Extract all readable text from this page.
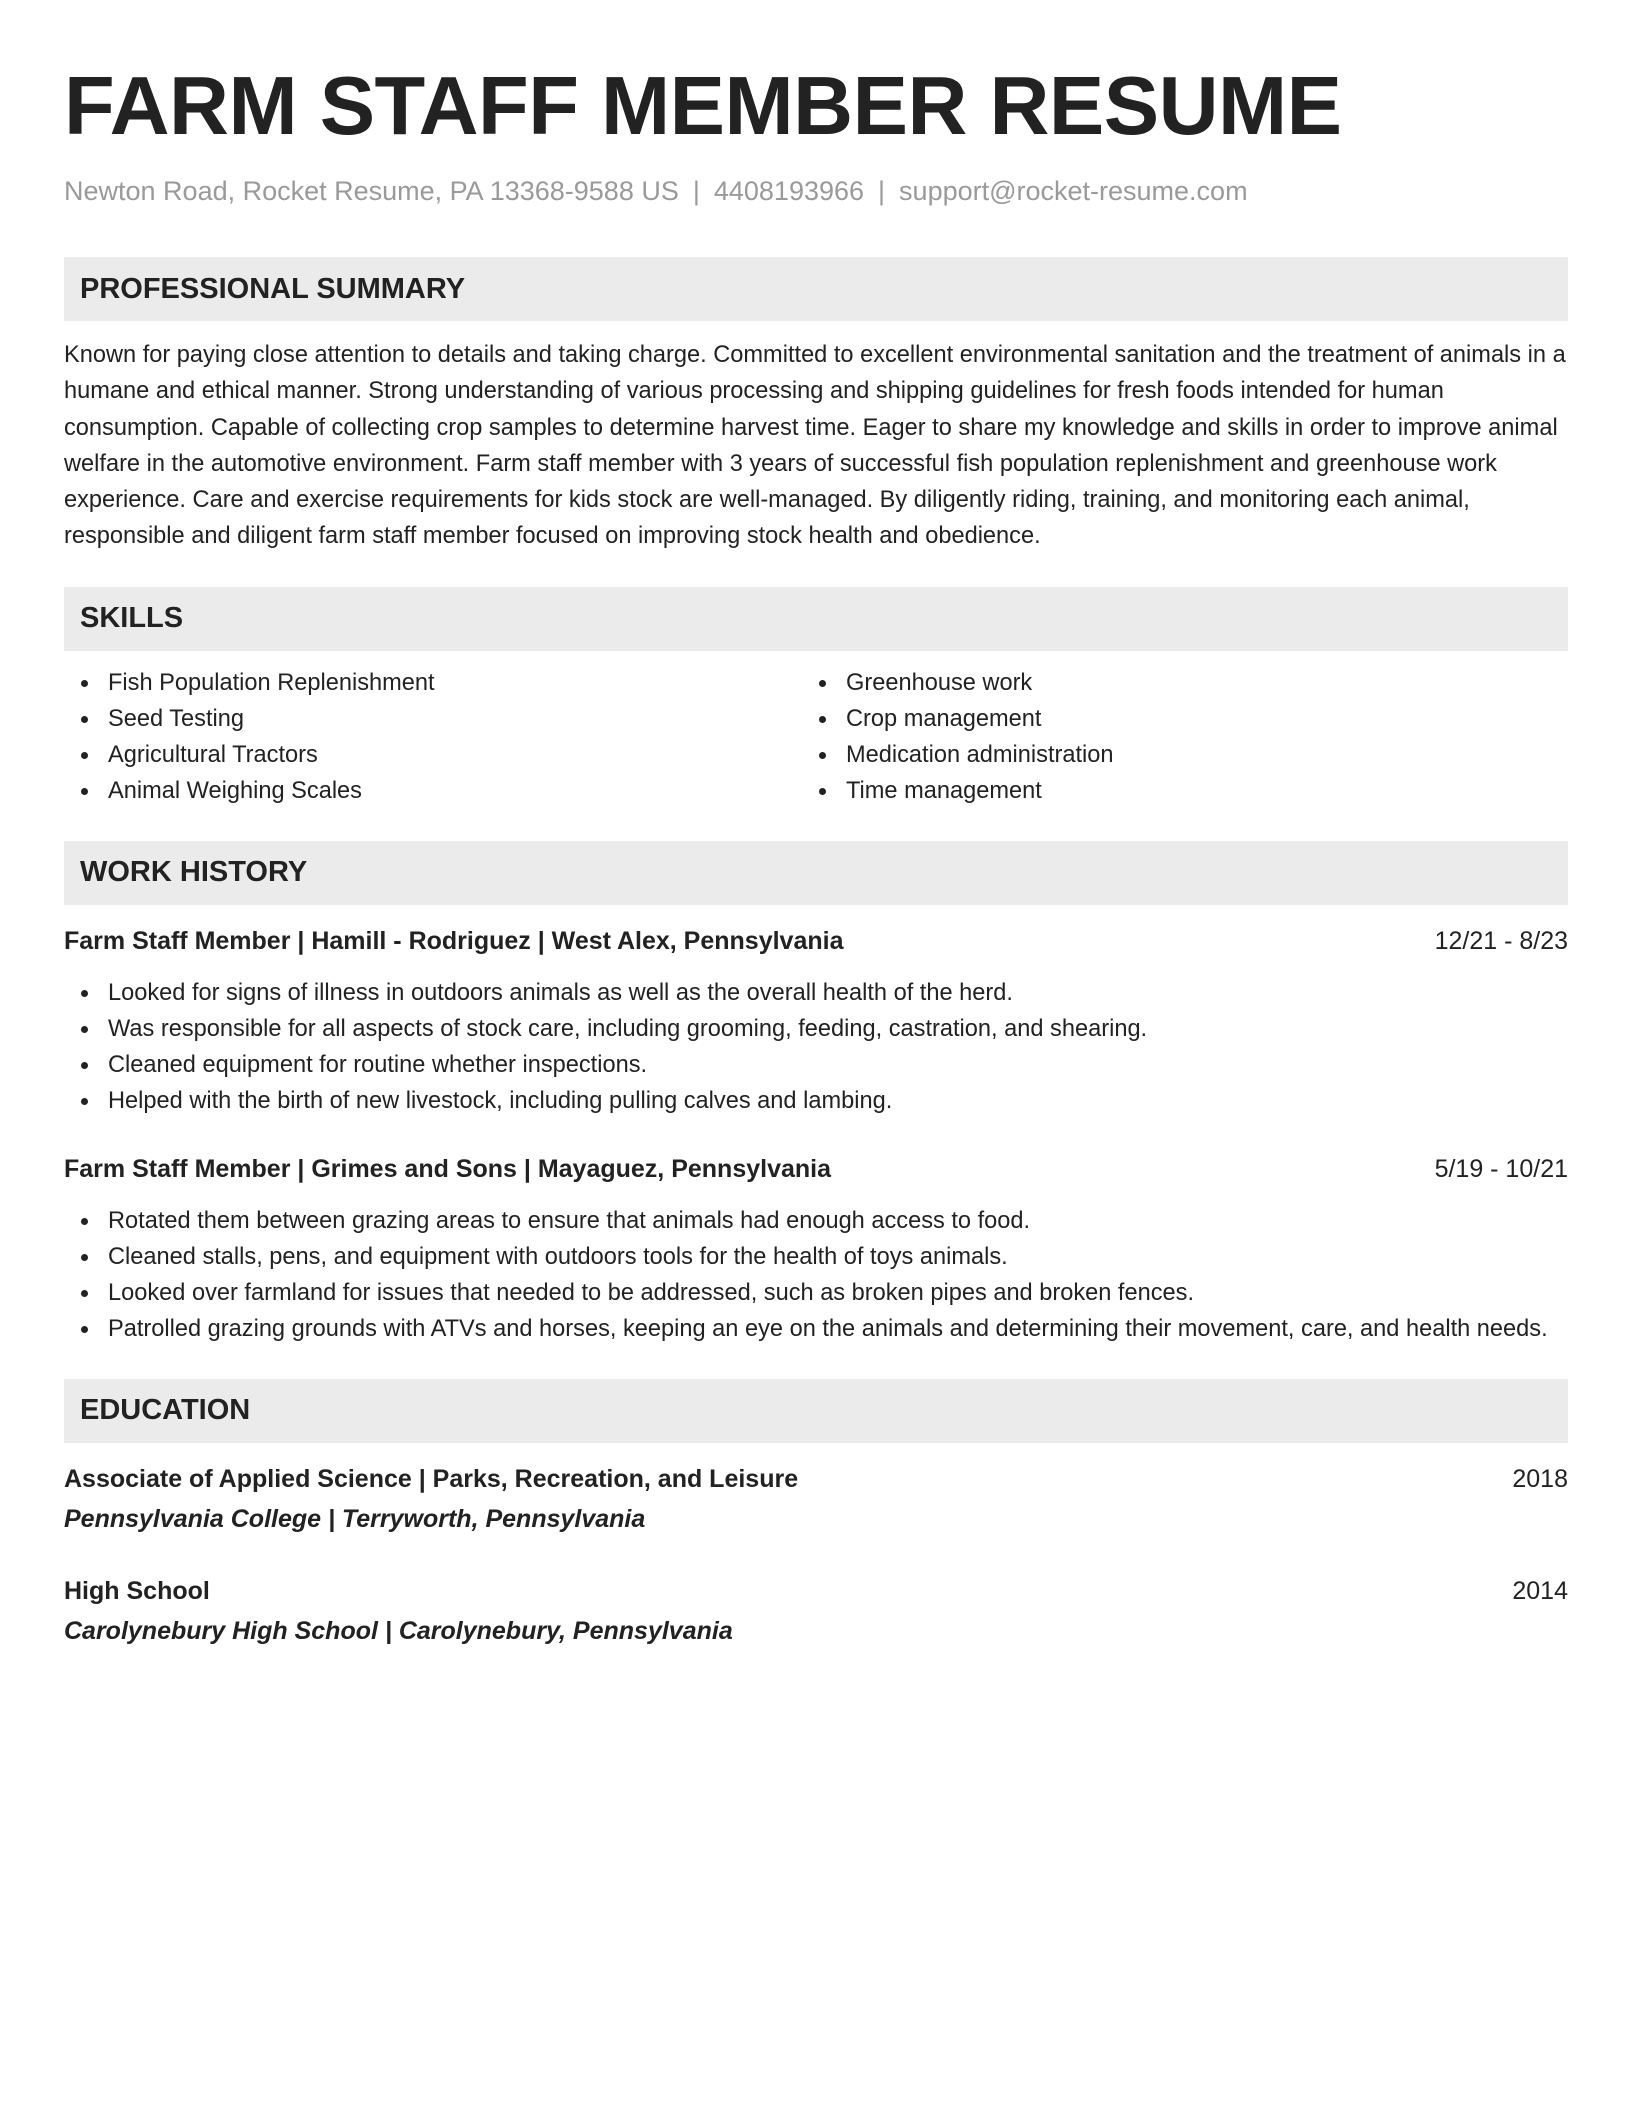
FARM STAFF MEMBER RESUME
Newton Road, Rocket Resume, PA 13368-9588 US | 4408193966 | support@rocket-resume.com
PROFESSIONAL SUMMARY
Known for paying close attention to details and taking charge. Committed to excellent environmental sanitation and the treatment of animals in a humane and ethical manner. Strong understanding of various processing and shipping guidelines for fresh foods intended for human consumption. Capable of collecting crop samples to determine harvest time. Eager to share my knowledge and skills in order to improve animal welfare in the automotive environment. Farm staff member with 3 years of successful fish population replenishment and greenhouse work experience. Care and exercise requirements for kids stock are well-managed. By diligently riding, training, and monitoring each animal, responsible and diligent farm staff member focused on improving stock health and obedience.
SKILLS
Fish Population Replenishment
Seed Testing
Agricultural Tractors
Animal Weighing Scales
Greenhouse work
Crop management
Medication administration
Time management
WORK HISTORY
Farm Staff Member | Hamill - Rodriguez | West Alex, Pennsylvania	12/21 - 8/23
Looked for signs of illness in outdoors animals as well as the overall health of the herd.
Was responsible for all aspects of stock care, including grooming, feeding, castration, and shearing.
Cleaned equipment for routine whether inspections.
Helped with the birth of new livestock, including pulling calves and lambing.
Farm Staff Member | Grimes and Sons | Mayaguez, Pennsylvania	5/19 - 10/21
Rotated them between grazing areas to ensure that animals had enough access to food.
Cleaned stalls, pens, and equipment with outdoors tools for the health of toys animals.
Looked over farmland for issues that needed to be addressed, such as broken pipes and broken fences.
Patrolled grazing grounds with ATVs and horses, keeping an eye on the animals and determining their movement, care, and health needs.
EDUCATION
Associate of Applied Science | Parks, Recreation, and Leisure	2018
Pennsylvania College | Terryworth, Pennsylvania
High School	2014
Carolynebury High School | Carolynebury, Pennsylvania
